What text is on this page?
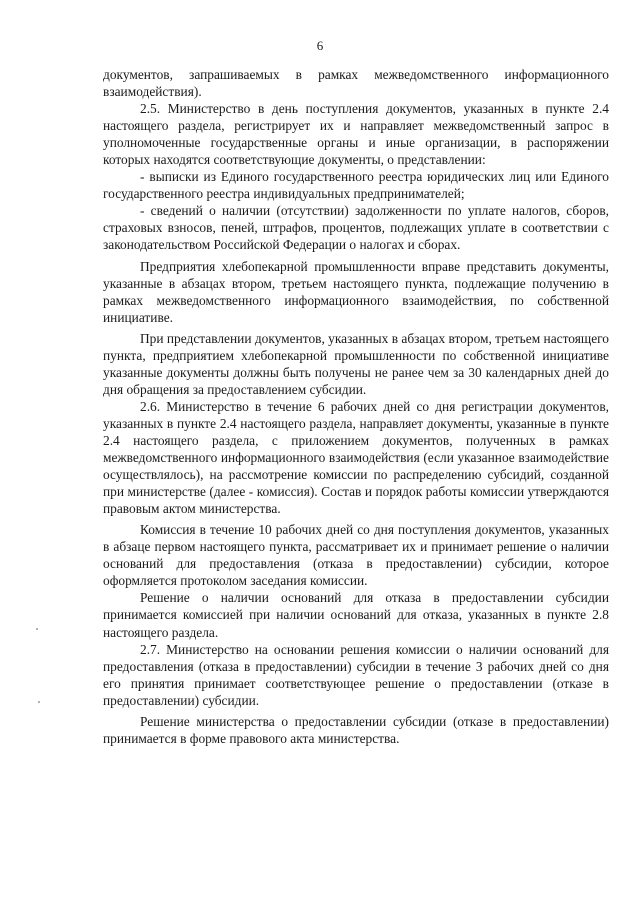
6

документов, запрашиваемых в рамках межведомственного информационного взаимодействия).

2.5. Министерство в день поступления документов, указанных в пункте 2.4 настоящего раздела, регистрирует их и направляет межведомственный запрос в уполномоченные государственные органы и иные организации, в распоряжении которых находятся соответствующие документы, о представлении:

- выписки из Единого государственного реестра юридических лиц или Единого государственного реестра индивидуальных предпринимателей;

- сведений о наличии (отсутствии) задолженности по уплате налогов, сборов, страховых взносов, пеней, штрафов, процентов, подлежащих уплате в соответствии с законодательством Российской Федерации о налогах и сборах.

Предприятия хлебопекарной промышленности вправе представить документы, указанные в абзацах втором, третьем настоящего пункта, подлежащие получению в рамках межведомственного информационного взаимодействия, по собственной инициативе.

При представлении документов, указанных в абзацах втором, третьем настоящего пункта, предприятием хлебопекарной промышленности по собственной инициативе указанные документы должны быть получены не ранее чем за 30 календарных дней до дня обращения за предоставлением субсидии.

2.6. Министерство в течение 6 рабочих дней со дня регистрации документов, указанных в пункте 2.4 настоящего раздела, направляет документы, указанные в пункте 2.4 настоящего раздела, с приложением документов, полученных в рамках межведомственного информационного взаимодействия (если указанное взаимодействие осуществлялось), на рассмотрение комиссии по распределению субсидий, созданной при министерстве (далее - комиссия). Состав и порядок работы комиссии утверждаются правовым актом министерства.

Комиссия в течение 10 рабочих дней со дня поступления документов, указанных в абзаце первом настоящего пункта, рассматривает их и принимает решение о наличии оснований для предоставления (отказа в предоставлении) субсидии, которое оформляется протоколом заседания комиссии.

Решение о наличии оснований для отказа в предоставлении субсидии принимается комиссией при наличии оснований для отказа, указанных в пункте 2.8 настоящего раздела.

2.7. Министерство на основании решения комиссии о наличии оснований для предоставления (отказа в предоставлении) субсидии в течение 3 рабочих дней со дня его принятия принимает соответствующее решение о предоставлении (отказе в предоставлении) субсидии.

Решение министерства о предоставлении субсидии (отказе в предоставлении) принимается в форме правового акта министерства.
